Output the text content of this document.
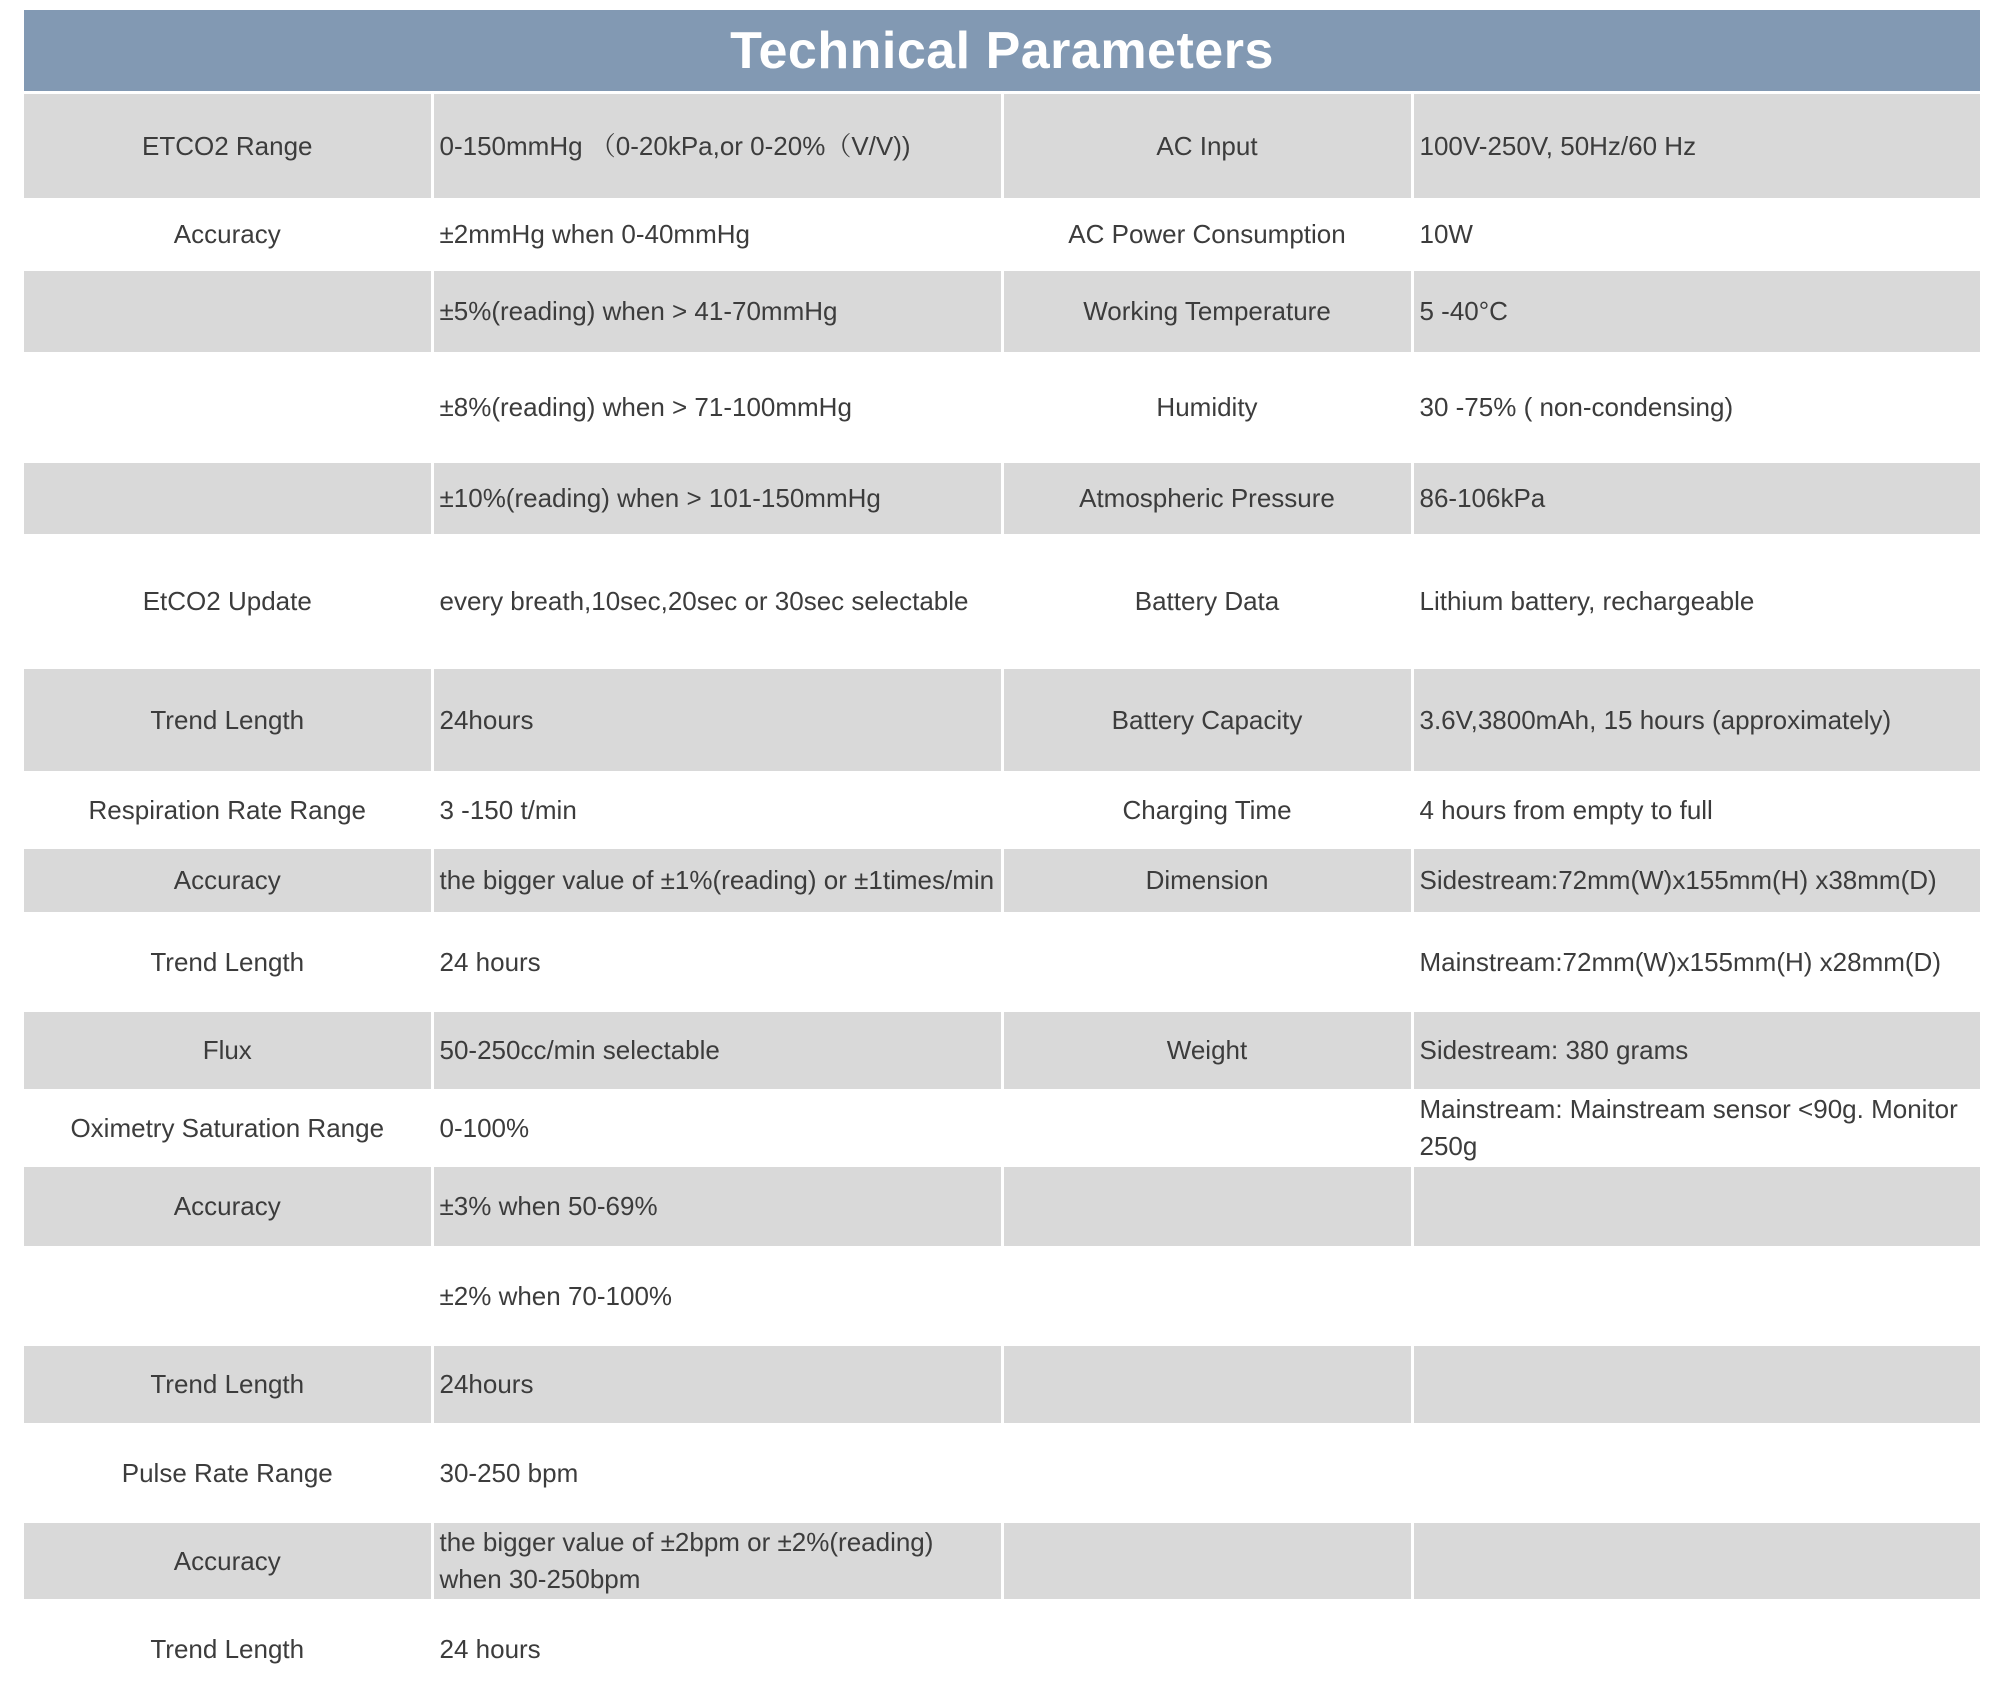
Technical Parameters
ETCO2 Range	0-150mmHg （0-20kPa,or 0-20%（V/V))	AC Input	100V-250V, 50Hz/60 Hz
Accuracy	±2mmHg when 0-40mmHg	AC Power Consumption	10W
	±5%(reading) when > 41-70mmHg	Working Temperature	5 -40°C
	±8%(reading) when > 71-100mmHg	Humidity	30 -75% ( non-condensing)
	±10%(reading) when > 101-150mmHg	Atmospheric Pressure	86-106kPa
EtCO2 Update	every breath,10sec,20sec or 30sec selectable	Battery Data	Lithium battery, rechargeable
Trend Length	24hours	Battery Capacity	3.6V,3800mAh, 15 hours (approximately)
Respiration Rate Range	3 -150 t/min	Charging Time	4 hours from empty to full
Accuracy	the bigger value of ±1%(reading) or ±1times/min	Dimension	Sidestream:72mm(W)x155mm(H) x38mm(D)
Trend Length	24 hours		Mainstream:72mm(W)x155mm(H) x28mm(D)
Flux	50-250cc/min selectable	Weight	Sidestream: 380 grams
Oximetry Saturation Range	0-100%		Mainstream: Mainstream sensor <90g. Monitor 250g
Accuracy	±3% when 50-69%		
	±2% when 70-100%		
Trend Length	24hours		
Pulse Rate Range	30-250 bpm		
Accuracy	the bigger value of ±2bpm or ±2%(reading) when 30-250bpm		
Trend Length	24 hours		
